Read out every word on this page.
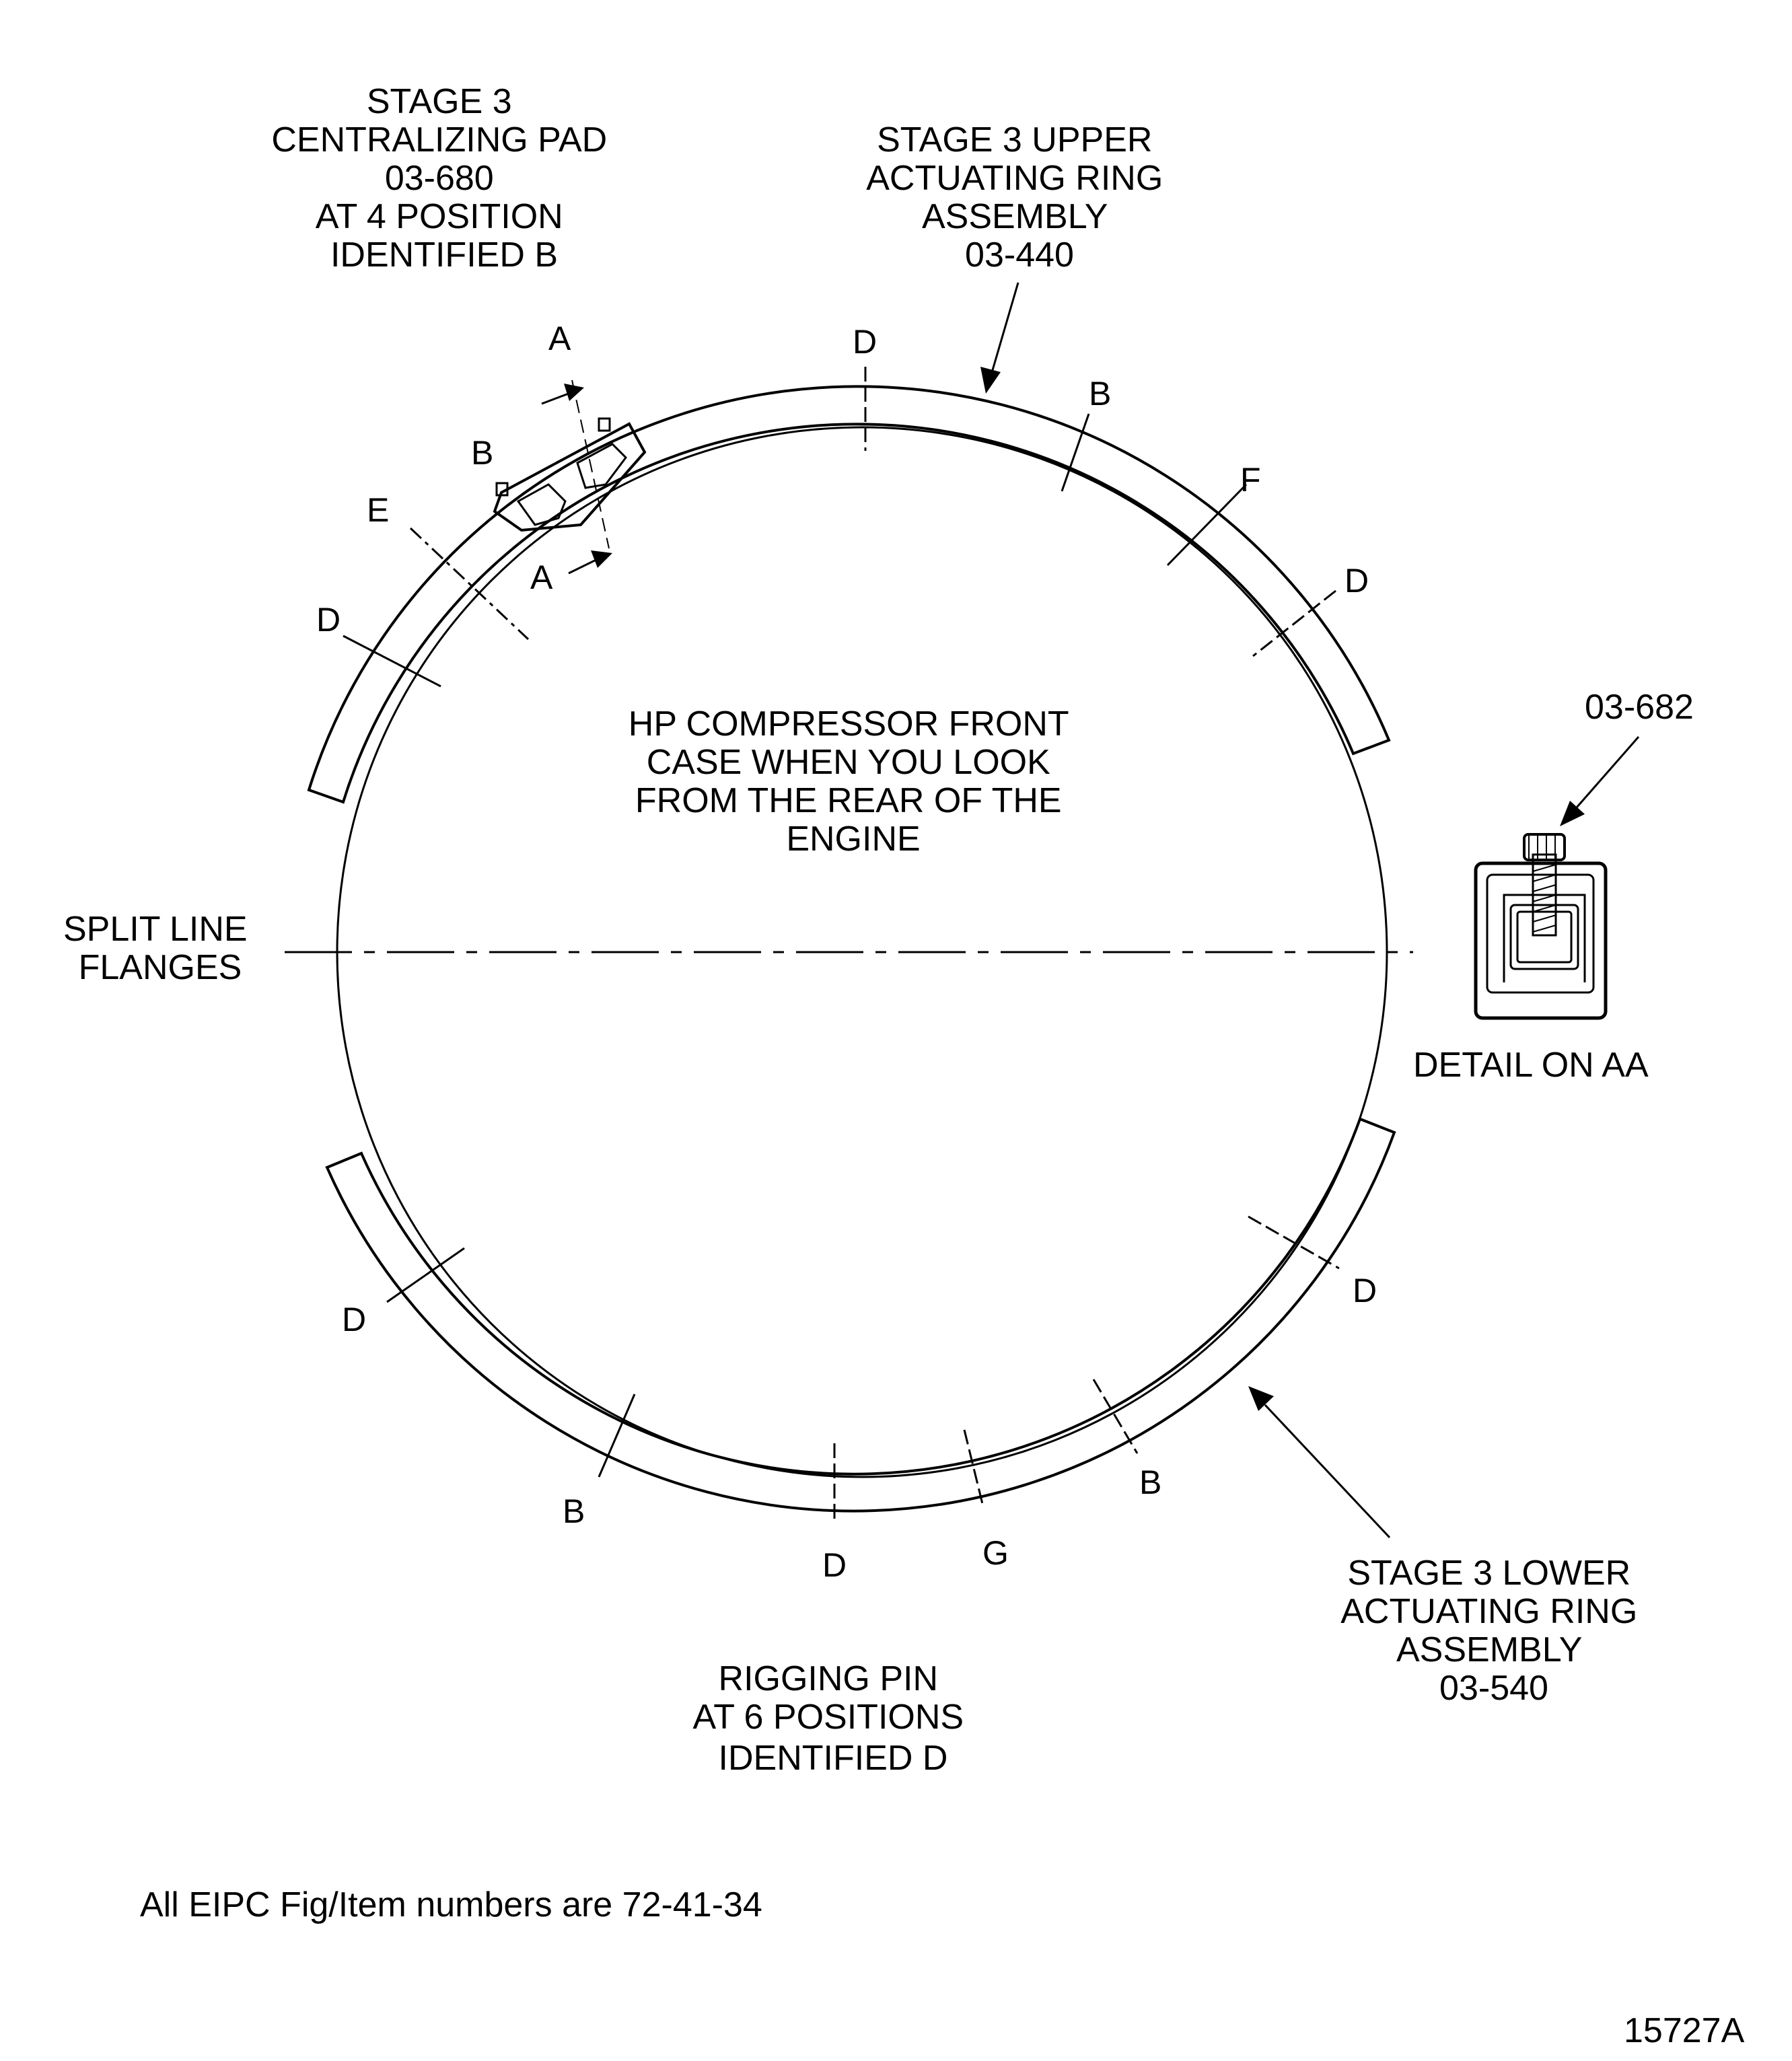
STAGE 3 CENTRALIZING PAD 03-680 AT 4 POSITION IDENTIFIED B
STAGE 3 UPPER ACTUATING RING ASSEMBLY 03-440
HP COMPRESSOR FRONT CASE WHEN YOU LOOK FROM THE REAR OF THE ENGINE
SPLIT LINE FLANGES
03-682
DETAIL ON AA
STAGE 3 LOWER ACTUATING RING ASSEMBLY 03-540
RIGGING PIN AT 6 POSITIONS IDENTIFIED D
All EIPC Fig/Item numbers are 72-41-34
15727A
A
A
D
B
F
D
B
E
D
D
B
D	G
B
D
